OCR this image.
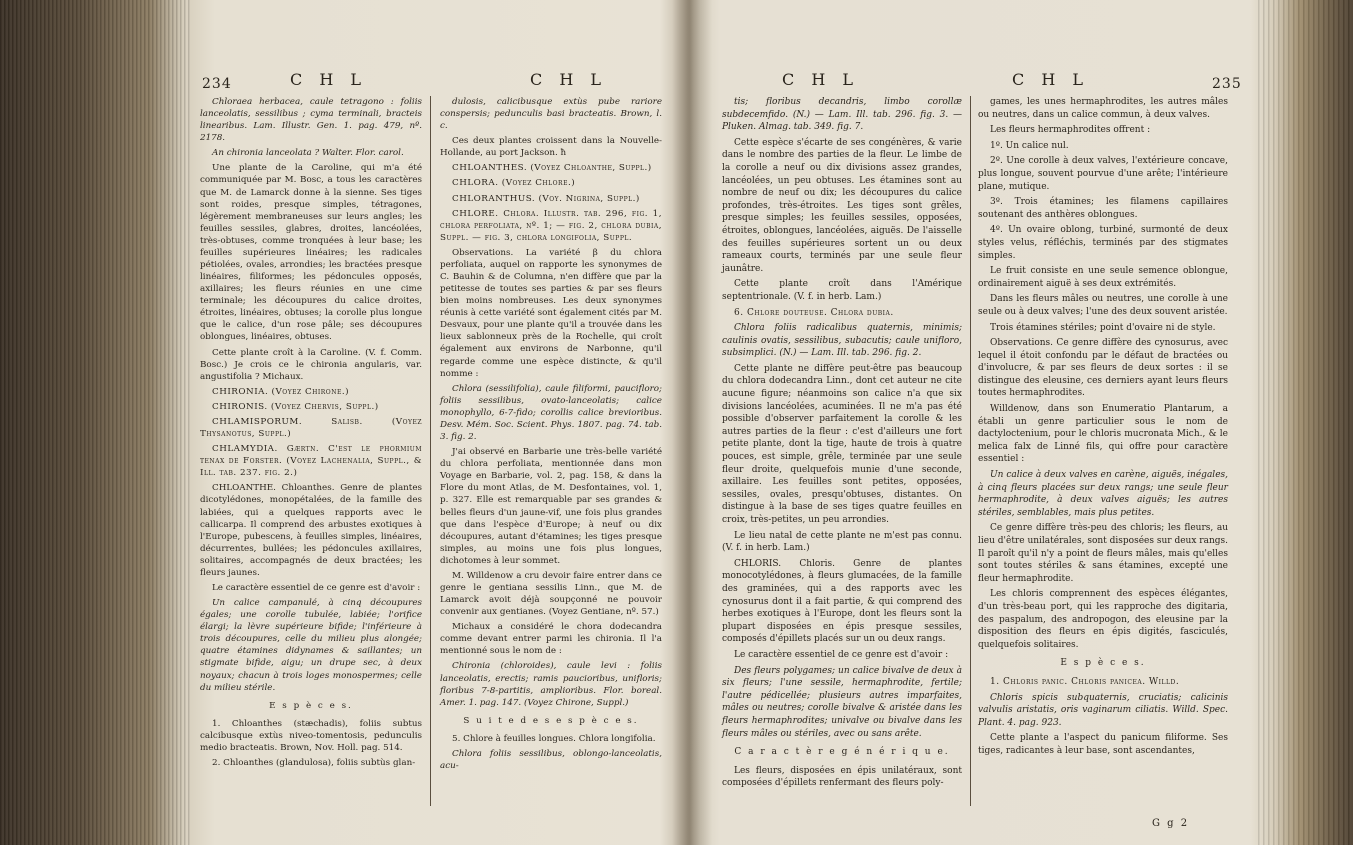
234	C H L	C H L

Chloraea herbacea, caule tetragono : foliis lanceolatis, sessilibus ; cyma terminali, bracteis linearibus. Lam. Illustr. Gen. 1. pag. 479, nº. 2178.

An chironia lanceolata ? Walter. Flor. carol.

Une plante de la Caroline, qui m'a été communiquée par M. Bosc, a tous les caractères que M. de Lamarck donne à la sienne. Ses tiges sont roides, presque simples, tétragones, légèrement membraneuses sur leurs angles; les feuilles sessiles, glabres, droites, lancéolées, très-obtuses, comme tronquées à leur base; les feuilles supérieures linéaires; les radicales pétiolées, ovales, arrondies; les bractées presque linéaires, filiformes; les pédoncules opposés, axillaires; les fleurs réunies en une cime terminale; les découpures du calice droites, étroites, linéaires, obtuses; la corolle plus longue que le calice, d'un rose pâle; ses découpures oblongues, linéaires, obtuses.

Cette plante croît à la Caroline. (V. f. Comm. Bosc.) Je crois ce le chironia angularis, var. angustifolia ? Michaux.

CHIRONIA. (Voyez Chirone.)

CHIRONIS. (Voyez Chervis, Suppl.)

CHLAMISPORUM. Salisb. (Voyez Thysanotus, Suppl.)

CHLAMYDIA. Gærtn. C'est le phormium tenax de Forster. (Voyez Lachenalia, Suppl., & Ill. tab. 237. fig. 2.)

CHLOANTHE. Chloanthes. Genre de plantes dicotylédones, monopétalées, de la famille des labiées, qui a quelques rapports avec le callicarpa. Il comprend des arbustes exotiques à l'Europe, pubescens, à feuilles simples, linéaires, décurrentes, bullées; les pédoncules axillaires, solitaires, accompagnés de deux bractées; les fleurs jaunes.

Le caractère essentiel de ce genre est d'avoir :

Un calice campanulé, à cinq découpures égales; une corolle tubulée, labiée; l'orifice élargi; la lèvre supérieure bifide; l'inférieure à trois découpures, celle du milieu plus alongée; quatre étamines didynames & saillantes; un stigmate bifide, aigu; un drupe sec, à deux noyaux; chacun à trois loges monospermes; celle du milieu stérile.

E s p è c e s.

1. Chloanthes (stæchadis), foliis subtus calcibusque extùs niveo-tomentosis, pedunculis medio bracteatis. Brown, Nov. Holl. pag. 514.

2. Chloanthes (glandulosa), foliis subtùs glan-

dulosis, calicibusque extùs pube rariore conspersis; pedunculis basi bracteatis. Brown, l. c.

Ces deux plantes croissent dans la Nouvelle-Hollande, au port Jackson. ħ

CHLOANTHES. (Voyez Chloanthe, Suppl.)

CHLORA. (Voyez Chlore.)

CHLORANTHUS. (Voy. Nigrina, Suppl.)

CHLORE. Chlora. Illustr. tab. 296, fig. 1, chlora perfoliata, nº. 1; — fig. 2, chlora dubia, Suppl. — fig. 3, chlora longifolia, Suppl.

Observations. La variété β du chlora perfoliata, auquel on rapporte les synonymes de C. Bauhin & de Columna, n'en diffère que par la petitesse de toutes ses parties & par ses fleurs bien moins nombreuses. Les deux synonymes réunis à cette variété sont également cités par M. Desvaux, pour une plante qu'il a trouvée dans les lieux sablonneux près de la Rochelle, qui croît également aux environs de Narbonne, qu'il regarde comme une espèce distincte, & qu'il nomme :

Chlora (sessilifolia), caule filiformi, paucifloro; foliis sessilibus, ovato-lanceolatis; calice monophyllo, 6-7-fido; corollis calice brevioribus. Desv. Mém. Soc. Scient. Phys. 1807. pag. 74. tab. 3. fig. 2.

J'ai observé en Barbarie une très-belle variété du chlora perfoliata, mentionnée dans mon Voyage en Barbarie, vol. 2, pag. 158, & dans la Flore du mont Atlas, de M. Desfontaines, vol. 1, p. 327. Elle est remarquable par ses grandes & belles fleurs d'un jaune-vif, une fois plus grandes que dans l'espèce d'Europe; à neuf ou dix découpures, autant d'étamines; les tiges presque simples, au moins une fois plus longues, dichotomes à leur sommet.

M. Willdenow a cru devoir faire entrer dans ce genre le gentiana sessilis Linn., que M. de Lamarck avoit déjà soupçonné ne pouvoir convenir aux gentianes. (Voyez Gentiane, nº. 57.)

Michaux a considéré le chora dodecandra comme devant entrer parmi les chironia. Il l'a mentionné sous le nom de :

Chironia (chloroides), caule levi : foliis lanceolatis, erectis; ramis paucioribus, unifloris; floribus 7-8-partitis, amplioribus. Flor. boreal. Amer. 1. pag. 147. (Voyez Chirone, Suppl.)

S u i t e d e s e s p è c e s.

5. Chlore à feuilles longues. Chlora longifolia.

Chlora foliis sessilibus, oblongo-lanceolatis, acu-

C H L	C H L	235

tis; floribus decandris, limbo corollæ subdecemfido. (N.) — Lam. Ill. tab. 296. fig. 3. — Pluken. Almag. tab. 349. fig. 7.

Cette espèce s'écarte de ses congénères, & varie dans le nombre des parties de la fleur. Le limbe de la corolle a neuf ou dix divisions assez grandes, lancéolées, un peu obtuses. Les étamines sont au nombre de neuf ou dix; les découpures du calice profondes, très-étroites. Les tiges sont grêles, presque simples; les feuilles sessiles, opposées, étroites, oblongues, lancéolées, aiguës. De l'aisselle des feuilles supérieures sortent un ou deux rameaux courts, terminés par une seule fleur jaunâtre.

Cette plante croît dans l'Amérique septentrionale. (V. f. in herb. Lam.)

6. Chlore douteuse. Chlora dubia.

Chlora foliis radicalibus quaternis, minimis; caulinis ovatis, sessilibus, subacutis; caule unifloro, subsimplici. (N.) — Lam. Ill. tab. 296. fig. 2.

Cette plante ne diffère peut-être pas beaucoup du chlora dodecandra Linn., dont cet auteur ne cite aucune figure; néanmoins son calice n'a que six divisions lancéolées, acuminées. Il ne m'a pas été possible d'observer parfaitement la corolle & les autres parties de la fleur : c'est d'ailleurs une fort petite plante, dont la tige, haute de trois à quatre pouces, est simple, grêle, terminée par une seule fleur droite, quelquefois munie d'une seconde, axillaire. Les feuilles sont petites, opposées, sessiles, ovales, presqu'obtuses, distantes. On distingue à la base de ses tiges quatre feuilles en croix, très-petites, un peu arrondies.

Le lieu natal de cette plante ne m'est pas connu. (V. f. in herb. Lam.)

CHLORIS. Chloris. Genre de plantes monocotylédones, à fleurs glumacées, de la famille des graminées, qui a des rapports avec les cynosurus dont il a fait partie, & qui comprend des herbes exotiques à l'Europe, dont les fleurs sont la plupart disposées en épis presque sessiles, composés d'épillets placés sur un ou deux rangs.

Le caractère essentiel de ce genre est d'avoir :

Des fleurs polygames; un calice bivalve de deux à six fleurs; l'une sessile, hermaphrodite, fertile; l'autre pédicellée; plusieurs autres imparfaites, mâles ou neutres; corolle bivalve & aristée dans les fleurs hermaphrodites; univalve ou bivalve dans les fleurs mâles ou stériles, avec ou sans arête.

C a r a c t è r e g é n é r i q u e.

Les fleurs, disposées en épis unilatéraux, sont composées d'épillets renfermant des fleurs poly-

games, les unes hermaphrodites, les autres mâles ou neutres, dans un calice commun, à deux valves.

Les fleurs hermaphrodites offrent :

1º. Un calice nul.

2º. Une corolle à deux valves, l'extérieure concave, plus longue, souvent pourvue d'une arête; l'intérieure plane, mutique.

3º. Trois étamines; les filamens capillaires soutenant des anthères oblongues.

4º. Un ovaire oblong, turbiné, surmonté de deux styles velus, réfléchis, terminés par des stigmates simples.

Le fruit consiste en une seule semence oblongue, ordinairement aiguë à ses deux extrémités.

Dans les fleurs mâles ou neutres, une corolle à une seule ou à deux valves; l'une des deux souvent aristée.

Trois étamines stériles; point d'ovaire ni de style.

Observations. Ce genre diffère des cynosurus, avec lequel il étoit confondu par le défaut de bractées ou d'involucre, & par ses fleurs de deux sortes : il se distingue des eleusine, ces derniers ayant leurs fleurs toutes hermaphrodites.

Willdenow, dans son Enumeratio Plantarum, a établi un genre particulier sous le nom de dactyloctenium, pour le chloris mucronata Mich., & le melica falx de Linné fils, qui offre pour caractère essentiel :

Un calice à deux valves en carène, aiguës, inégales, à cinq fleurs placées sur deux rangs; une seule fleur hermaphrodite, à deux valves aiguës; les autres stériles, semblables, mais plus petites.

Ce genre diffère très-peu des chloris; les fleurs, au lieu d'être unilatérales, sont disposées sur deux rangs. Il paroît qu'il n'y a point de fleurs mâles, mais qu'elles sont toutes stériles & sans étamines, excepté une fleur hermaphrodite.

Les chloris comprennent des espèces élégantes, d'un très-beau port, qui les rapproche des digitaria, des paspalum, des andropogon, des eleusine par la disposition des fleurs en épis digités, fasciculés, quelquefois solitaires.

E s p è c e s.

1. Chloris panic. Chloris panicea. Willd.

Chloris spicis subquaternis, cruciatis; calicinis valvulis aristatis, oris vaginarum ciliatis. Willd. Spec. Plant. 4. pag. 923.

Cette plante a l'aspect du panicum filiforme. Ses tiges, radicantes à leur base, sont ascendantes,

G g 2
